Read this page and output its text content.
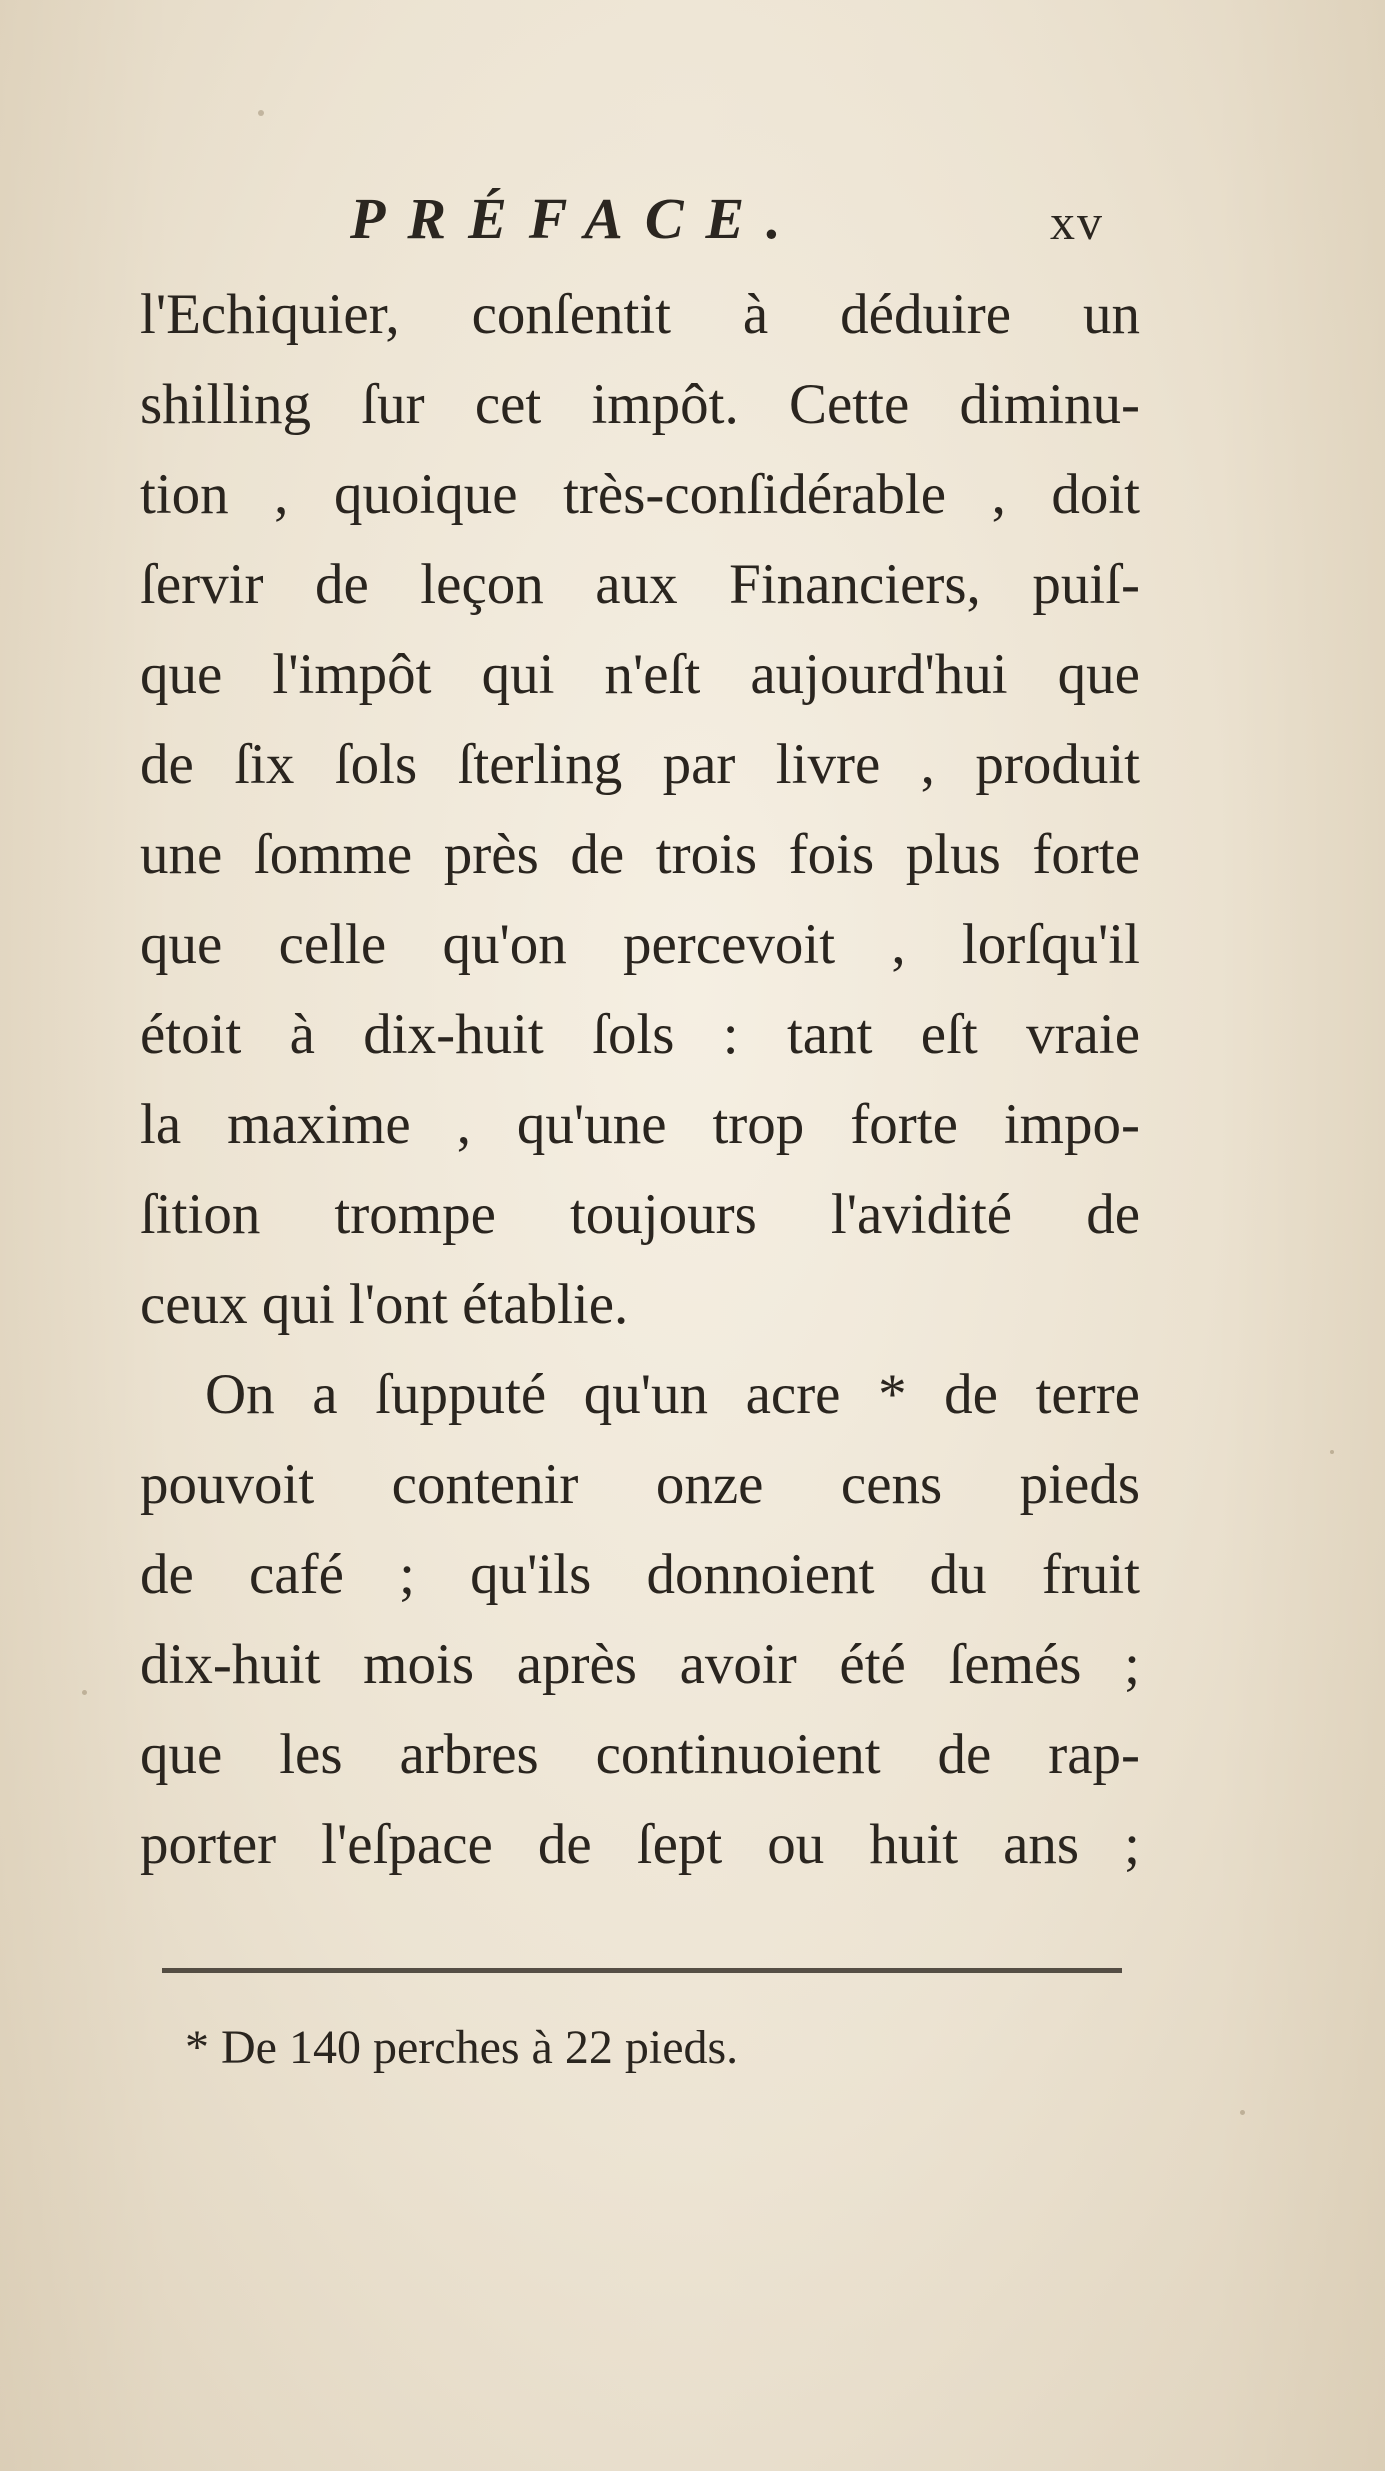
PRÉFACE.	xv
l'Echiquier, conſentit à déduire un
shilling ſur cet impôt. Cette diminu-
tion , quoique très-conſidérable , doit
ſervir de leçon aux Financiers, puiſ-
que l'impôt qui n'eſt aujourd'hui que
de ſix ſols ſterling par livre , produit
une ſomme près de trois fois plus forte
que celle qu'on percevoit , lorſqu'il
étoit à dix-huit ſols : tant eſt vraie
la maxime , qu'une trop forte impo-
ſition trompe toujours l'avidité de
ceux qui l'ont établie.
On a ſupputé qu'un acre * de terre
pouvoit contenir onze cens pieds
de café ; qu'ils donnoient du fruit
dix-huit mois après avoir été ſemés ;
que les arbres continuoient de rap-
porter l'eſpace de ſept ou huit ans ;
* De 140 perches à 22 pieds.
